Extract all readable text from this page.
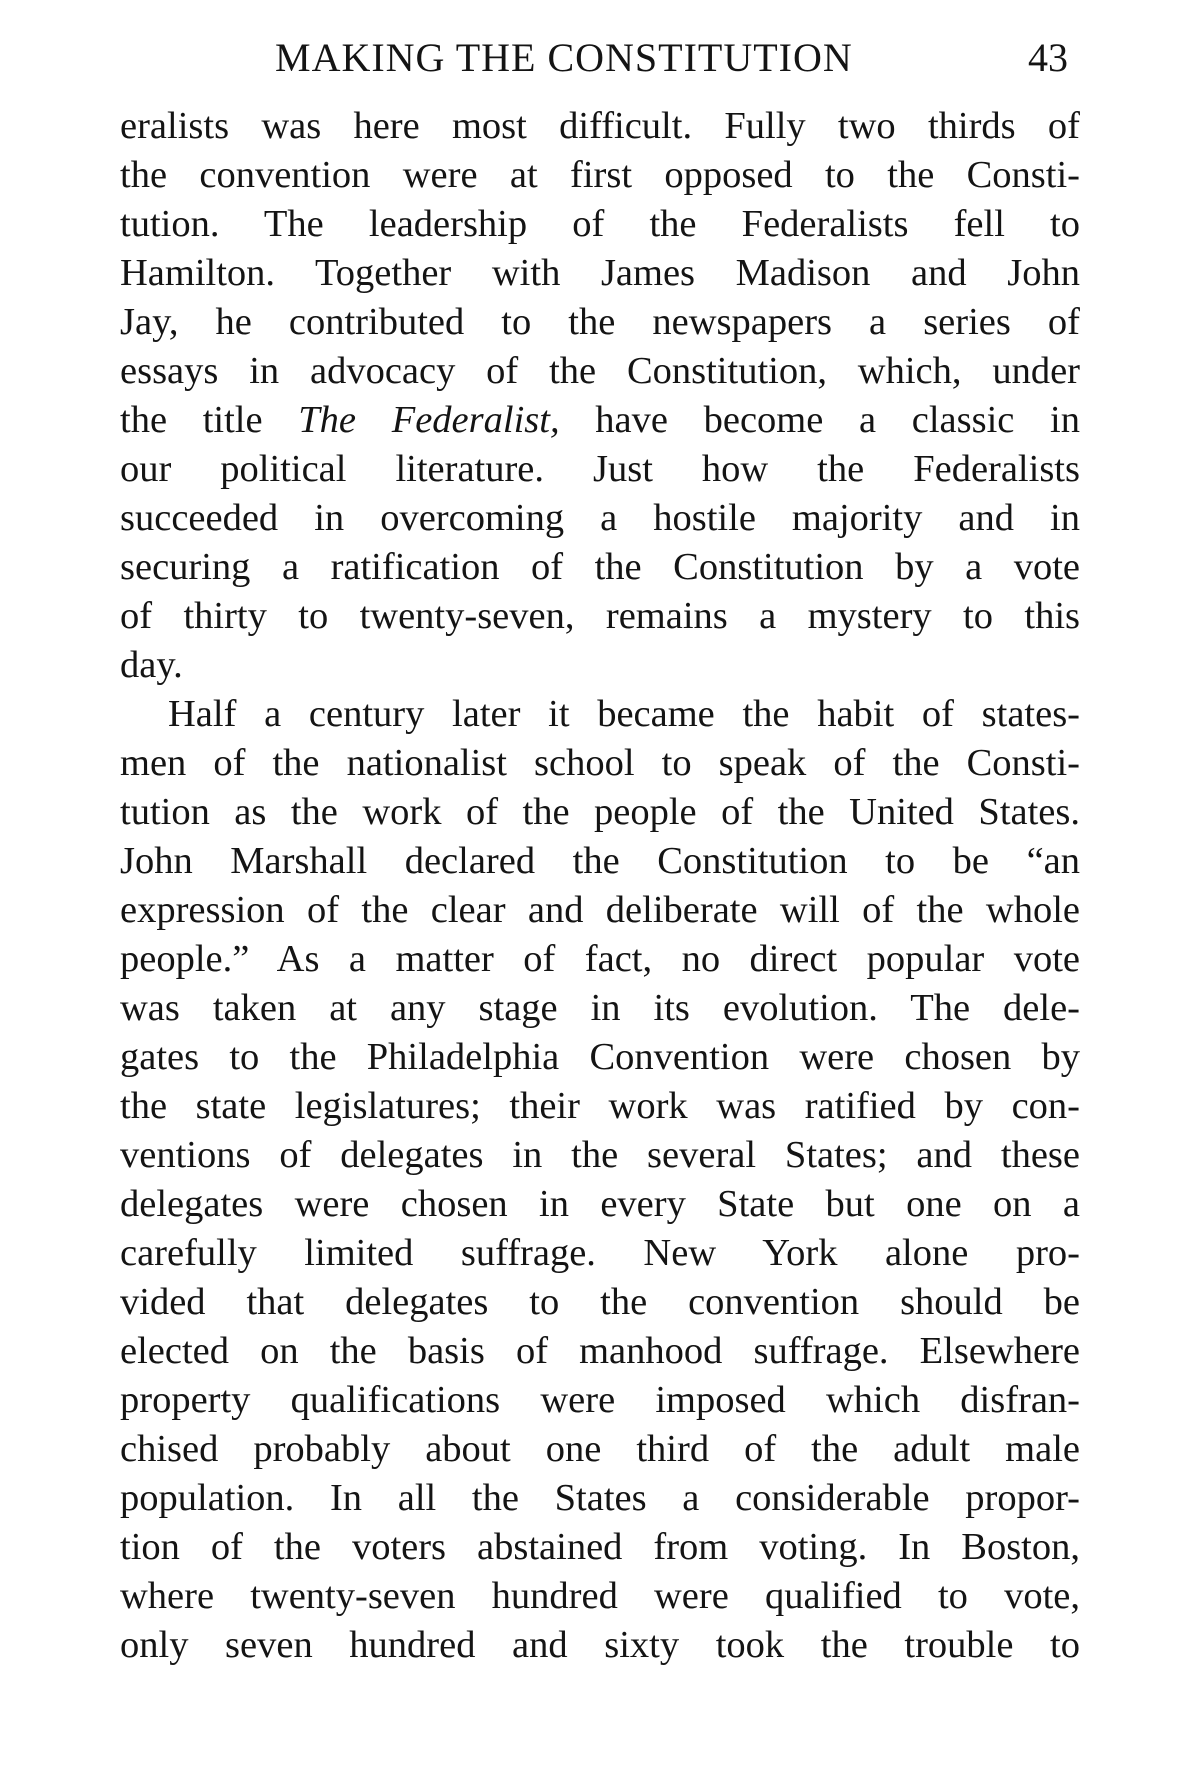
MAKING THE CONSTITUTION	43
eralists was here most difficult. Fully two thirds of
the convention were at first opposed to the Consti-
tution. The leadership of the Federalists fell to
Hamilton. Together with James Madison and John
Jay, he contributed to the newspapers a series of
essays in advocacy of the Constitution, which, under
the title The Federalist, have become a classic in
our political literature. Just how the Federalists
succeeded in overcoming a hostile majority and in
securing a ratification of the Constitution by a vote
of thirty to twenty-seven, remains a mystery to this
day.
Half a century later it became the habit of states-
men of the nationalist school to speak of the Consti-
tution as the work of the people of the United States.
John Marshall declared the Constitution to be “an
expression of the clear and deliberate will of the whole
people.” As a matter of fact, no direct popular vote
was taken at any stage in its evolution. The dele-
gates to the Philadelphia Convention were chosen by
the state legislatures; their work was ratified by con-
ventions of delegates in the several States; and these
delegates were chosen in every State but one on a
carefully limited suffrage. New York alone pro-
vided that delegates to the convention should be
elected on the basis of manhood suffrage. Elsewhere
property qualifications were imposed which disfran-
chised probably about one third of the adult male
population. In all the States a considerable propor-
tion of the voters abstained from voting. In Boston,
where twenty-seven hundred were qualified to vote,
only seven hundred and sixty took the trouble to
